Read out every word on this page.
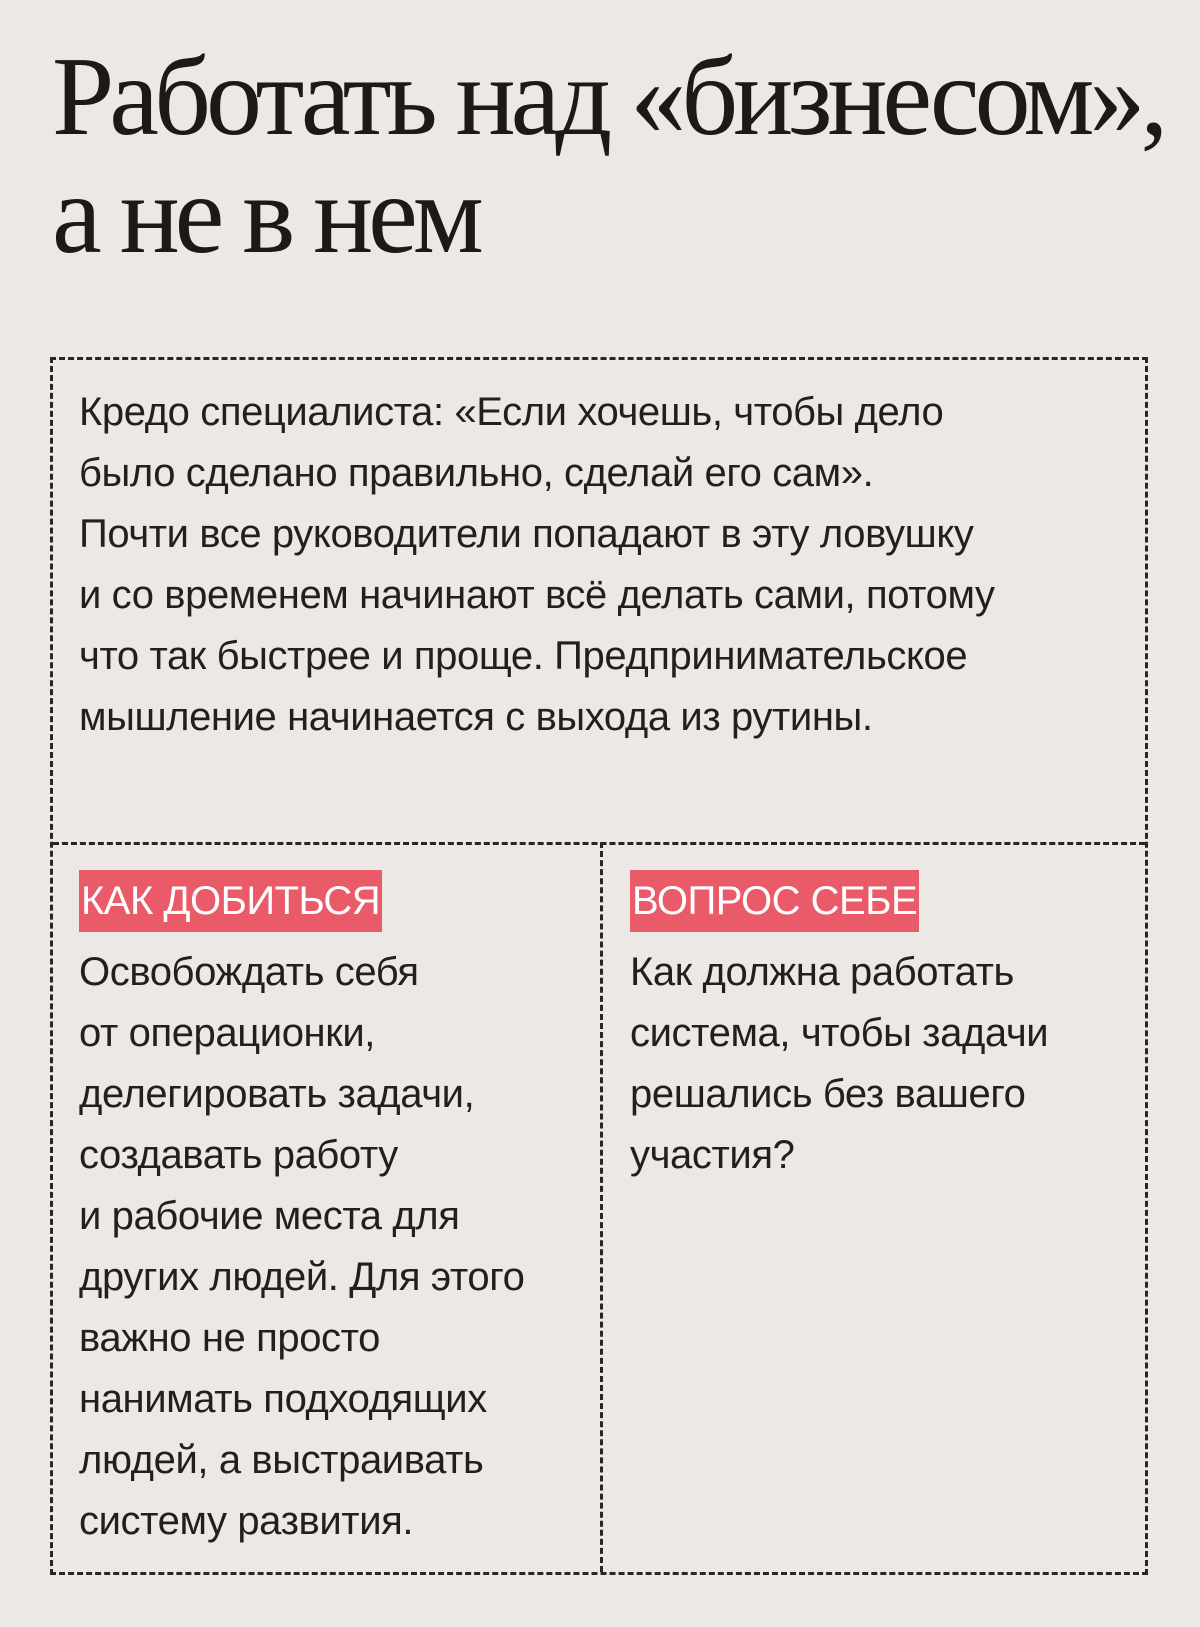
Работать над «бизнесом»,
а не в нем

Кредо специалиста: «Если хочешь, чтобы дело
было сделано правильно, сделай его сам».
Почти все руководители попадают в эту ловушку
и со временем начинают всё делать сами, потому
что так быстрее и проще. Предпринимательское
мышление начинается с выхода из рутины.

КАК ДОБИТЬСЯ

Освобождать себя
от операционки,
делегировать задачи,
создавать работу
и рабочие места для
других людей. Для этого
важно не просто
нанимать подходящих
людей, а выстраивать
систему развития.

ВОПРОС СЕБЕ

Как должна работать
система, чтобы задачи
решались без вашего
участия?
